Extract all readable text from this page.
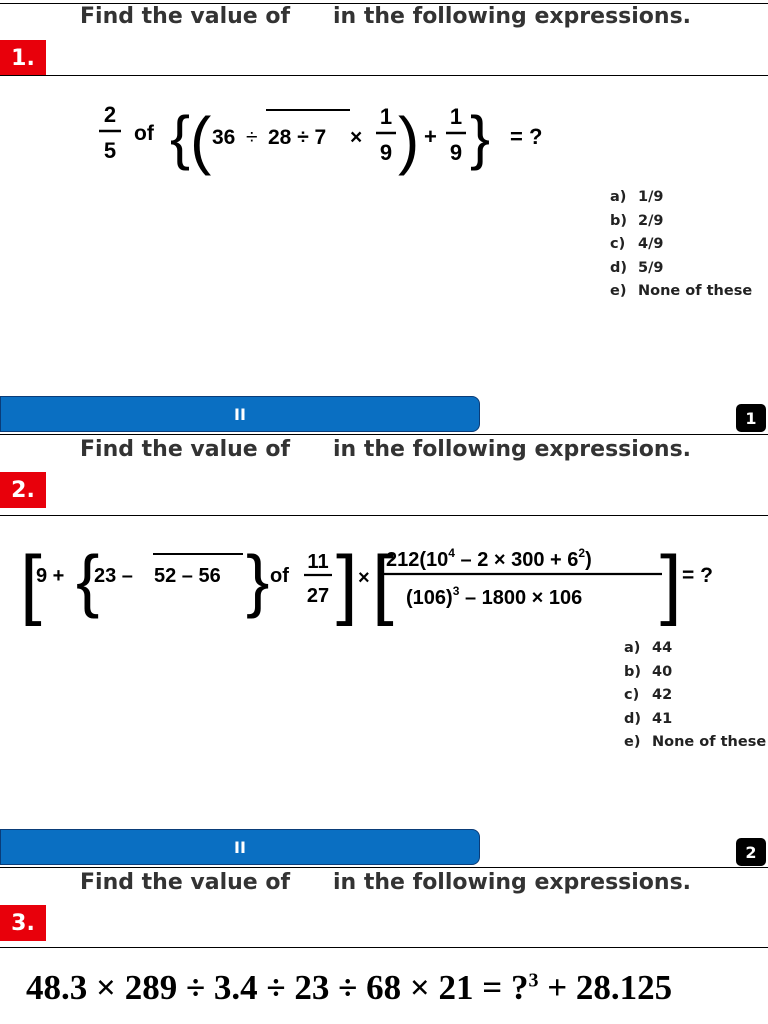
Find the value of in the following expressions.
1.
2
5
of { ( 36 ÷ 28 ÷ 7 ×
1
9 ) +
1
9 } = ?
a) 1/9
b) 2/9
c) 4/9
d) 5/9
e) None of these
II	1
Find the value of in the following expressions.
2.
[
9 + {
23 – 52 – 56 } of
11
27 ] × [
$212(10^4 - 2 \times 300 + 6^2)$
$(106)^3 - 1800 \times 106$ ] = ?
a) 44
b) 40
c) 42
d) 41
e) None of these
II	2
Find the value of in the following expressions.
3.
48.3 × 289 ÷ 3.4 ÷ 23 ÷ 68 × 21 = ?$^3$ + 28.125
